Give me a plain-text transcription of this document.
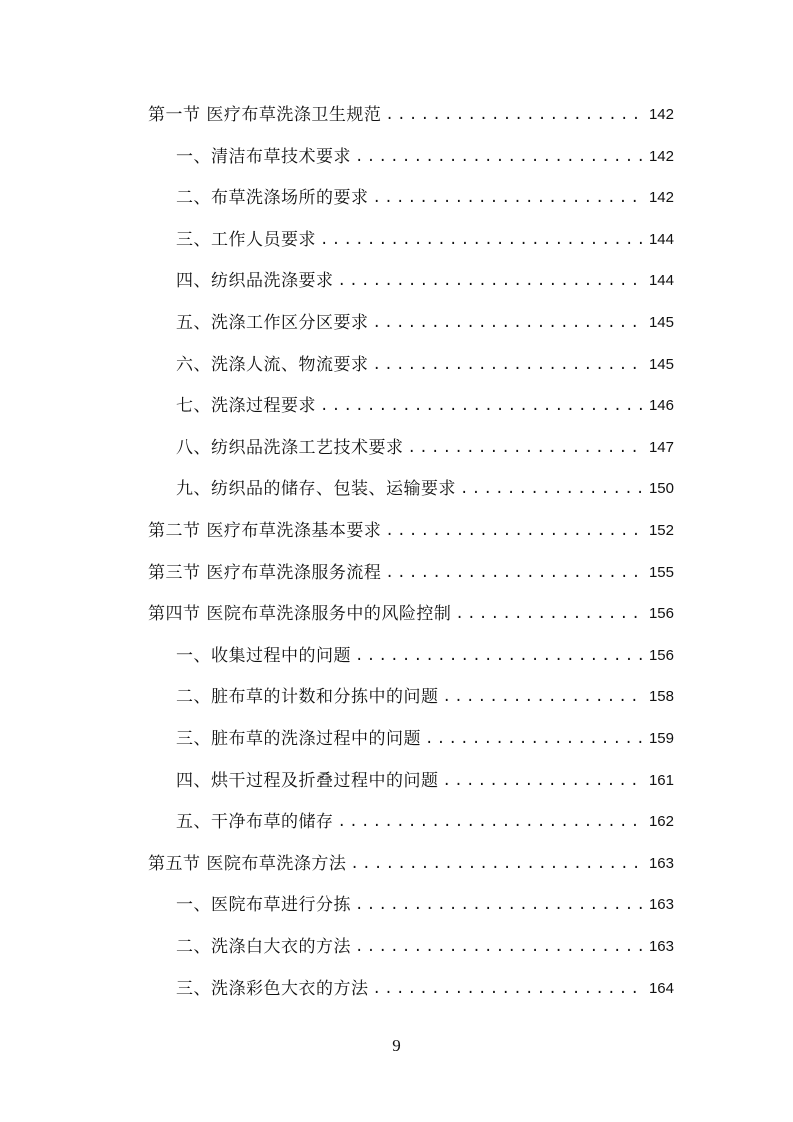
第一节 医疗布草洗涤卫生规范 .....	142
一、清洁布草技术要求 .....	142
二、布草洗涤场所的要求 .....	142
三、工作人员要求 .....	144
四、纺织品洗涤要求 .....	144
五、洗涤工作区分区要求 .....	145
六、洗涤人流、物流要求 .....	145
七、洗涤过程要求 .....	146
八、纺织品洗涤工艺技术要求 .....	147
九、纺织品的储存、包装、运输要求 .....	150
第二节 医疗布草洗涤基本要求 .....	152
第三节 医疗布草洗涤服务流程 .....	155
第四节 医院布草洗涤服务中的风险控制 .....	156
一、收集过程中的问题 .....	156
二、脏布草的计数和分拣中的问题 .....	158
三、脏布草的洗涤过程中的问题 .....	159
四、烘干过程及折叠过程中的问题 .....	161
五、干净布草的储存 .....	162
第五节 医院布草洗涤方法 .....	163
一、医院布草进行分拣 .....	163
二、洗涤白大衣的方法 .....	163
三、洗涤彩色大衣的方法 .....	164
9
